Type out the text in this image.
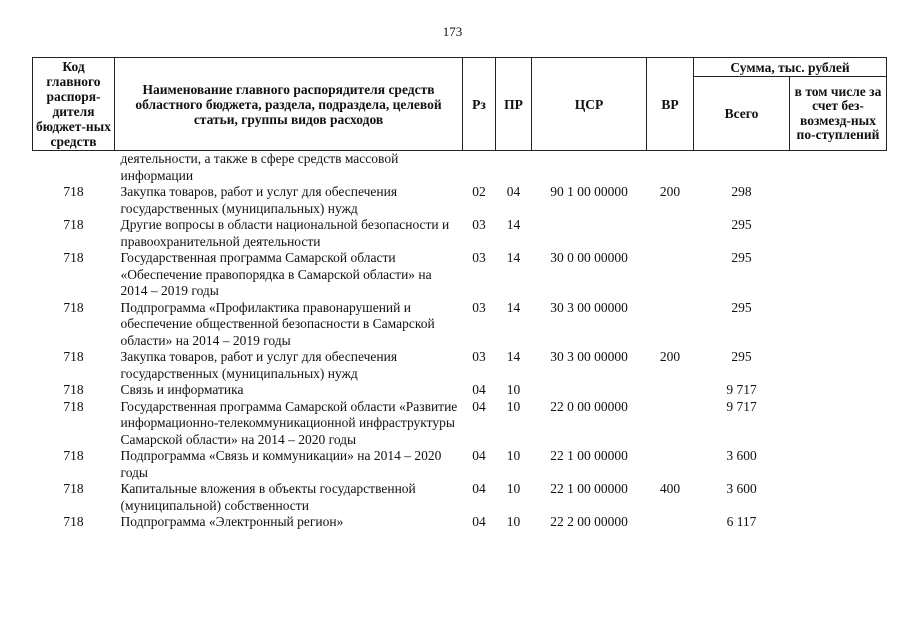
173
Код главного распоря-дителя бюджет-ных средств	Наименование главного распорядителя средств областного бюджета, раздела, подраздела, целевой статьи, группы видов расходов	Рз	ПР	ЦСР	ВР	Сумма, тыс. рублей	
						Всего	в том числе за счет без-возмезд-ных по-ступлений

	деятельности, а также в сфере средств массовой информации						
718	Закупка товаров, работ и услуг для обеспечения государственных (муниципальных) нужд	02	04	90 1 00 00000	200	298	
718	Другие вопросы в области национальной безопасности и правоохранительной деятельности	03	14			295	
718	Государственная программа Самарской области «Обеспечение правопорядка в Самарской области» на 2014 – 2019 годы	03	14	30 0 00 00000		295	
718	Подпрограмма «Профилактика правонарушений и обеспечение общественной безопасности в Самарской области» на 2014 – 2019 годы	03	14	30 3 00 00000		295	
718	Закупка товаров, работ и услуг для обеспечения государственных (муниципальных) нужд	03	14	30 3 00 00000	200	295	
718	Связь и информатика	04	10			9 717	
718	Государственная программа Самарской области «Развитие информационно-телекоммуникационной инфраструктуры Самарской области» на 2014 – 2020 годы	04	10	22 0 00 00000		9 717	
718	Подпрограмма «Связь и коммуникации» на 2014 – 2020 годы	04	10	22 1 00 00000		3 600	
718	Капитальные вложения в объекты государственной (муниципальной) собственности	04	10	22 1 00 00000	400	3 600	
718	Подпрограмма «Электронный регион»	04	10	22 2 00 00000		6 117	
